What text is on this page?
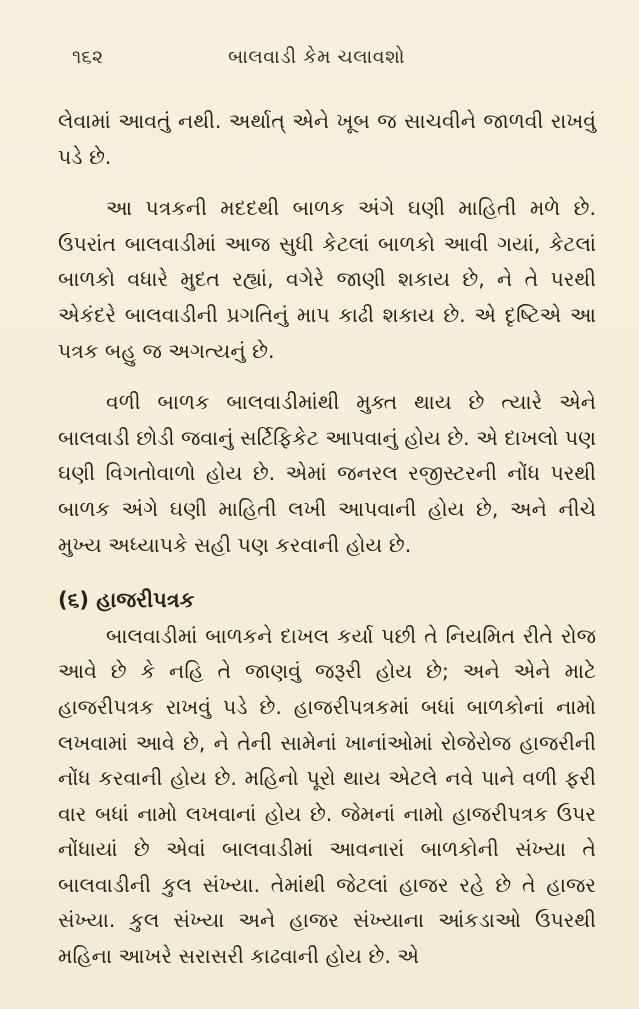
૧૬૨	બાલવાડી કેમ ચલાવશો

લેવામાં આવતું નથી. અર્થાત્ એને ખૂબ જ સાચવીને જાળવી રાખવું પડે છે.

આ પત્રકની મદદથી બાળક અંગે ઘણી માહિતી મળે છે. ઉપરાંત બાલવાડીમાં આજ સુધી કેટલાં બાળકો આવી ગયાં, કેટલાં બાળકો વધારે મુદત રહ્યાં, વગેરે જાણી શકાય છે, ને તે પરથી એકંદરે બાલવાડીની પ્રગતિનું માપ કાઢી શકાય છે. એ દૃષ્ટિએ આ પત્રક બહુ જ અગત્યનું છે.

વળી બાળક બાલવાડીમાંથી મુક્ત થાય છે ત્યારે એને બાલવાડી છોડી જવાનું સર્ટિફિકેટ આપવાનું હોય છે. એ દાખલો પણ ઘણી વિગતોવાળો હોય છે. એમાં જનરલ રજીસ્ટરની નોંધ પરથી બાળક અંગે ઘણી માહિતી લખી આપવાની હોય છે, અને નીચે મુખ્ય અધ્યાપકે સહી પણ કરવાની હોય છે.

(૬) હાજરીપત્રક

બાલવાડીમાં બાળકને દાખલ કર્યા પછી તે નિયમિત રીતે રોજ આવે છે કે નહિ તે જાણવું જરૂરી હોય છે; અને એને માટે હાજરીપત્રક રાખવું પડે છે. હાજરીપત્રકમાં બધાં બાળકોનાં નામો લખવામાં આવે છે, ને તેની સામેનાં ખાનાંઓમાં રોજેરોજ હાજરીની નોંધ કરવાની હોય છે. મહિનો પૂરો થાય એટલે નવે પાને વળી ફરી વાર બધાં નામો લખવાનાં હોય છે. જેમનાં નામો હાજરીપત્રક ઉપર નોંધાયાં છે એવાં બાલવાડીમાં આવનારાં બાળકોની સંખ્યા તે બાલવાડીની કુલ સંખ્યા. તેમાંથી જેટલાં હાજર રહે છે તે હાજર સંખ્યા. કુલ સંખ્યા અને હાજર સંખ્યાના આંકડાઓ ઉપરથી મહિના આખરે સરાસરી કાઢવાની હોય છે. એ
